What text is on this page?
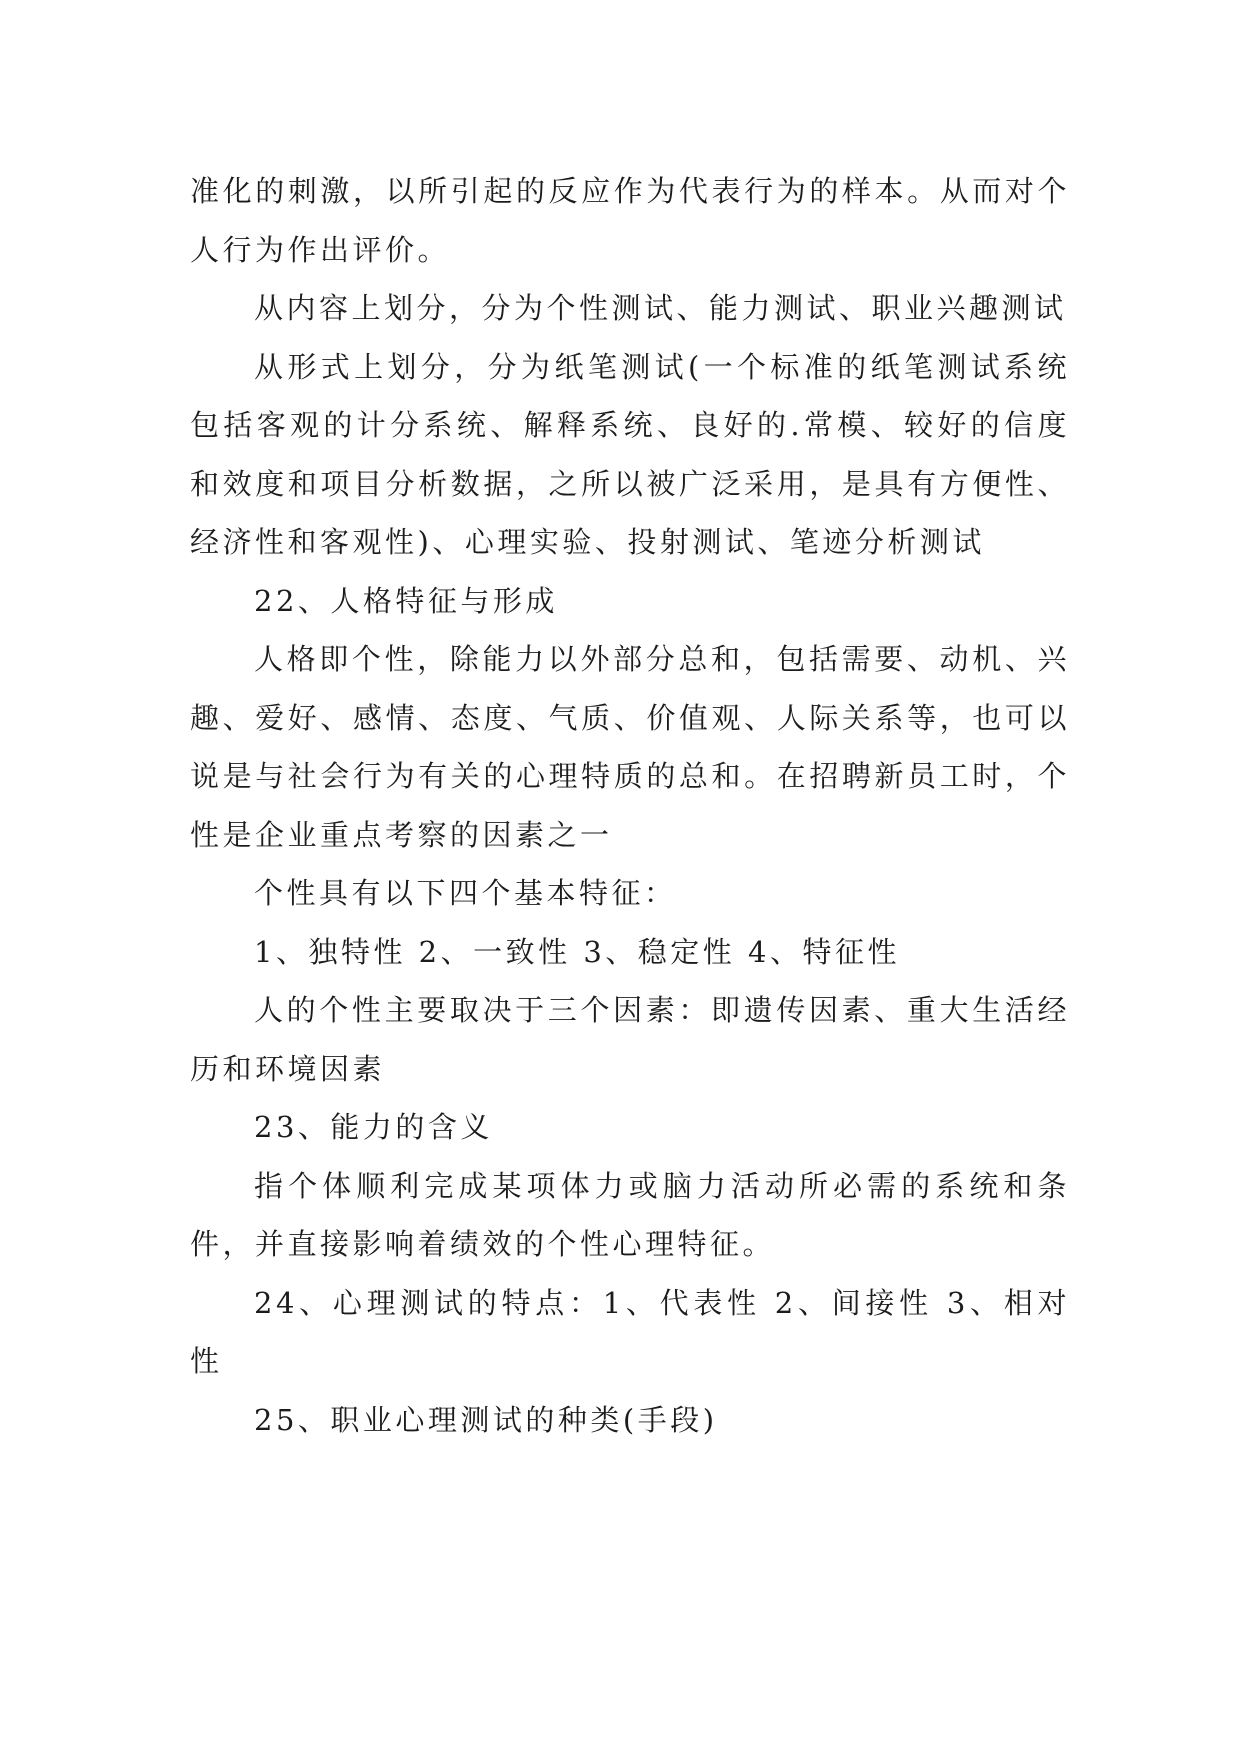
准化的刺激，以所引起的反应作为代表行为的样本。从而对个人行为作出评价。

从内容上划分，分为个性测试、能力测试、职业兴趣测试

从形式上划分，分为纸笔测试(一个标准的纸笔测试系统包括客观的计分系统、解释系统、良好的.常模、较好的信度和效度和项目分析数据，之所以被广泛采用，是具有方便性、经济性和客观性)、心理实验、投射测试、笔迹分析测试

22、人格特征与形成

人格即个性，除能力以外部分总和，包括需要、动机、兴趣、爱好、感情、态度、气质、价值观、人际关系等，也可以说是与社会行为有关的心理特质的总和。在招聘新员工时，个性是企业重点考察的因素之一

个性具有以下四个基本特征：

1、独特性 2、一致性 3、稳定性 4、特征性

人的个性主要取决于三个因素：即遗传因素、重大生活经历和环境因素

23、能力的含义

指个体顺利完成某项体力或脑力活动所必需的系统和条件，并直接影响着绩效的个性心理特征。

24、心理测试的特点：1、代表性 2、间接性 3、相对性

25、职业心理测试的种类(手段)
